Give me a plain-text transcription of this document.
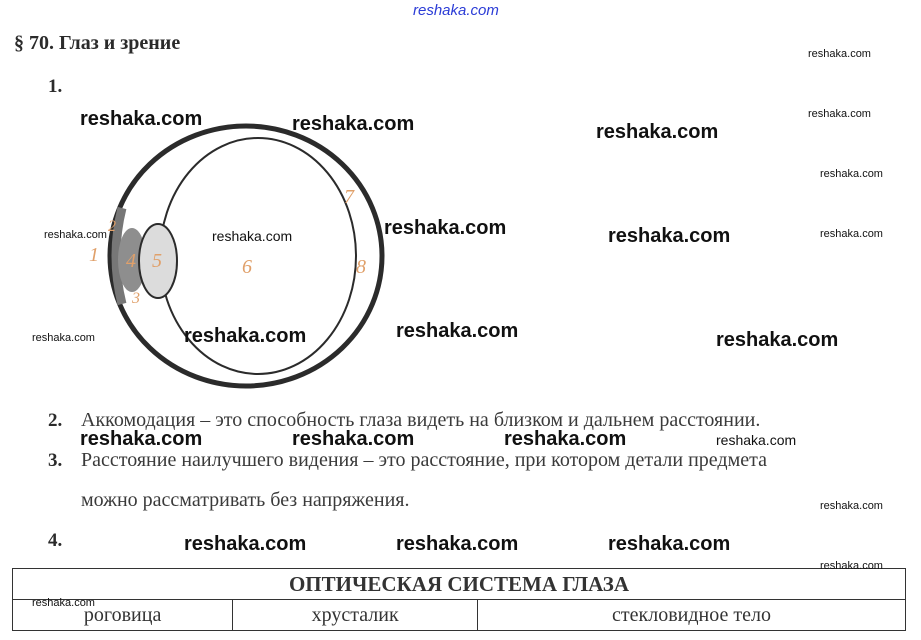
reshaka.com
§ 70. Глаз и зрение
1.
1
2
3
4 5	6
7
8
2. Аккомодация – это способность глаза видеть на близком и дальнем расстоянии.
3. Расстояние наилучшего видения – это расстояние, при котором детали предмета
можно рассматривать без напряжения.
4.
ОПТИЧЕСКАЯ СИСТЕМА ГЛАЗА
роговица	хрусталик	стекловидное тело
reshaka.com
reshaka.com
reshaka.com
reshaka.com
reshaka.com
reshaka.com
reshaka.com
reshaka.com
reshaka.com
reshaka.com
reshaka.com
reshaka.com	reshaka.com	reshaka.com
reshaka.com	reshaka.com
reshaka.com	reshaka.com	reshaka.com
reshaka.com	reshaka.com	reshaka.com
reshaka.com	reshaka.com	reshaka.com
